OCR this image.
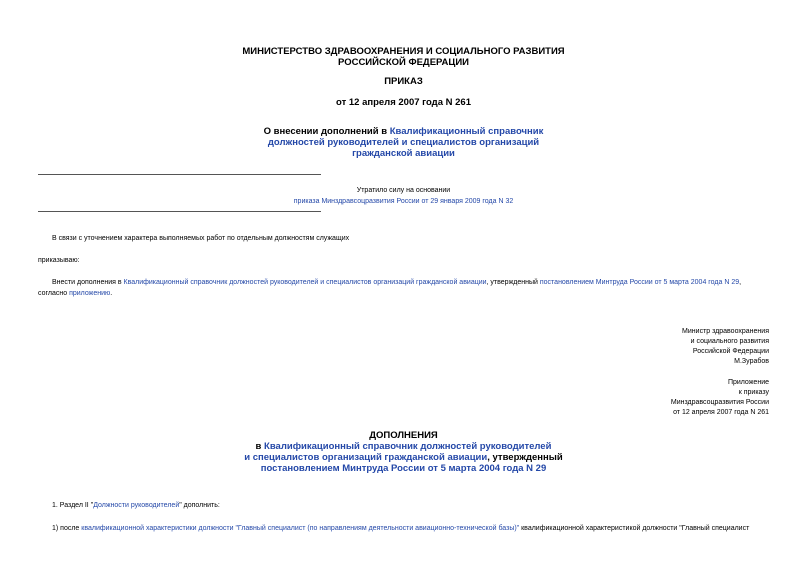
МИНИСТЕРСТВО ЗДРАВООХРАНЕНИЯ И СОЦИАЛЬНОГО РАЗВИТИЯ
РОССИЙСКОЙ ФЕДЕРАЦИИ
ПРИКАЗ
от 12 апреля 2007 года N 261
О внесении дополнений в Квалификационный справочник
должностей руководителей и специалистов организаций
гражданской авиации
Утратило силу на основании
приказа Минздравсоцразвития России от 29 января 2009 года N 32
В связи с уточнением характера выполняемых работ по отдельным должностям служащих
приказываю:
Внести дополнения в Квалификационный справочник должностей руководителей и специалистов организаций гражданской авиации, утвержденный постановлением Минтруда России от 5 марта 2004 года N 29,
согласно приложению.
Министр здравоохранения
и социального развития
Российской Федерации
М.Зурабов
Приложение
к приказу
Минздравсоцразвития России
от 12 апреля 2007 года N 261
ДОПОЛНЕНИЯ
в Квалификационный справочник должностей руководителей
и специалистов организаций гражданской авиации, утвержденный
постановлением Минтруда России от 5 марта 2004 года N 29
1. Раздел II "Должности руководителей" дополнить:
1) после квалификационной характеристики должности "Главный специалист (по направлениям деятельности авиационно-технической базы)" квалификационной характеристикой должности "Главный специалист
